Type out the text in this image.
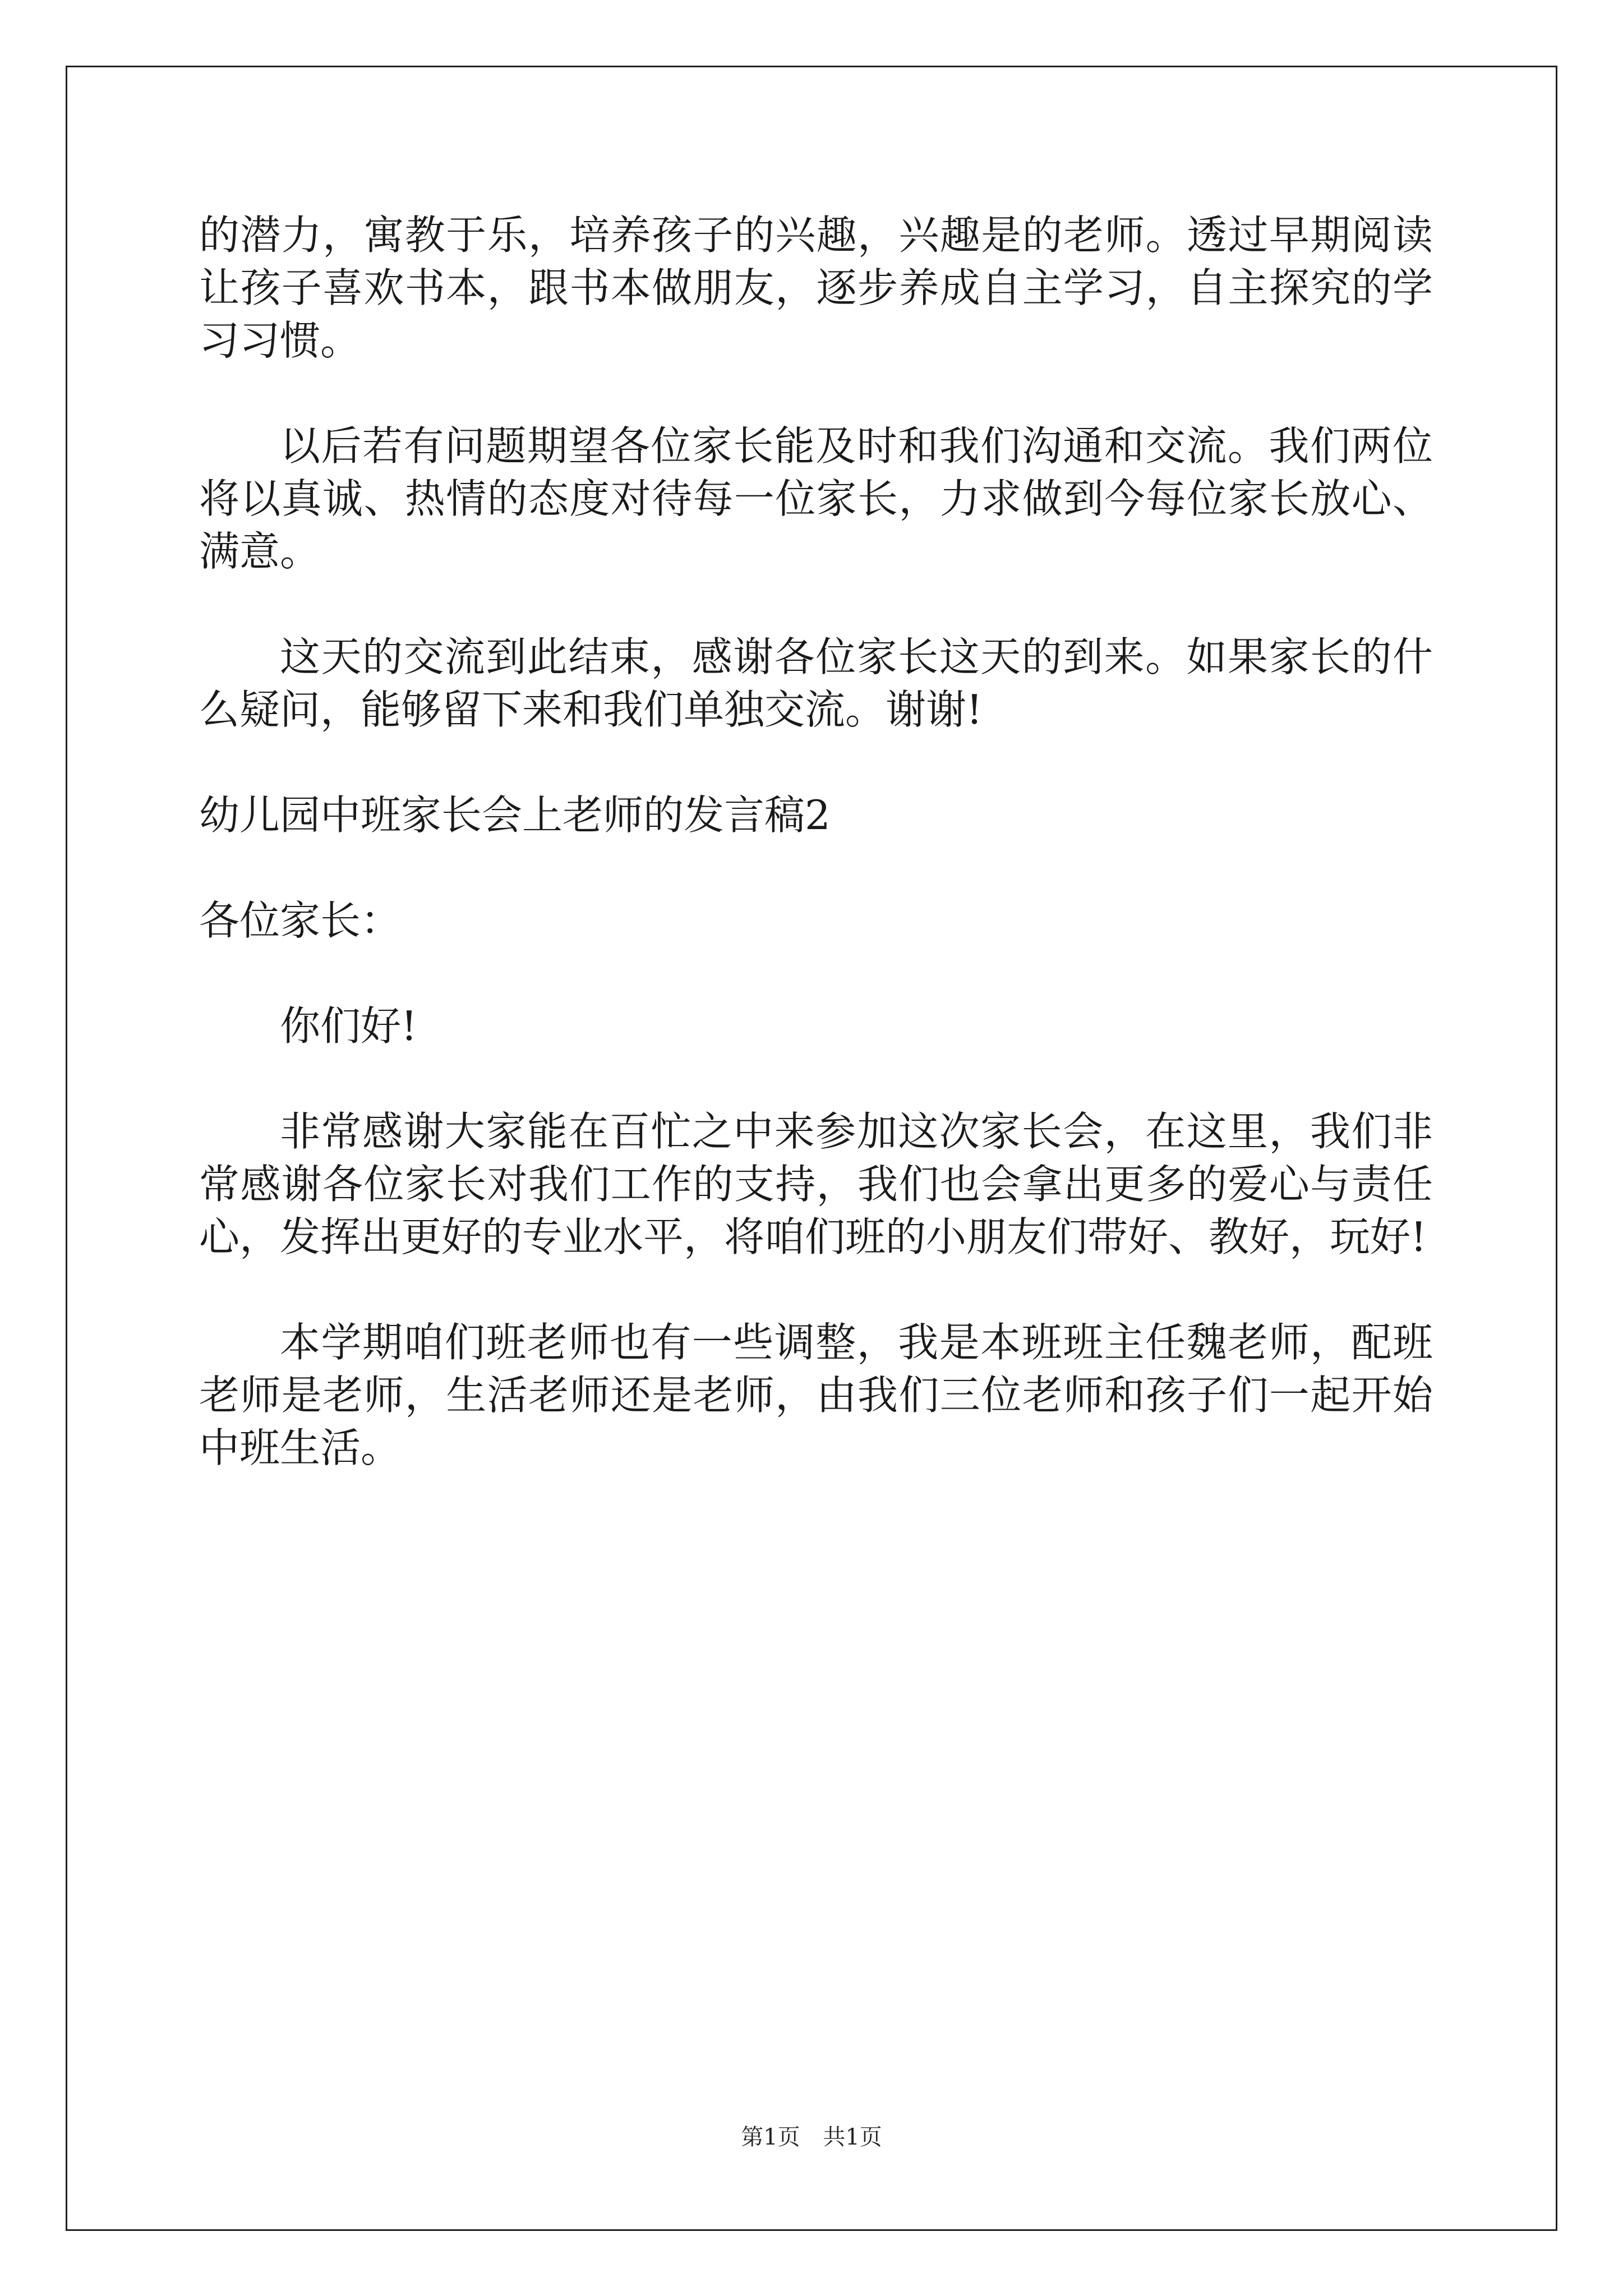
的潜力，寓教于乐，培养孩子的兴趣，兴趣是的老师。透过早期阅读让孩子喜欢书本，跟书本做朋友，逐步养成自主学习，自主探究的学习习惯。

以后若有问题期望各位家长能及时和我们沟通和交流。我们两位将以真诚、热情的态度对待每一位家长，力求做到今每位家长放心、满意。

这天的交流到此结束，感谢各位家长这天的到来。如果家长的什么疑问，能够留下来和我们单独交流。谢谢!

幼儿园中班家长会上老师的发言稿2

各位家长：

你们好!

非常感谢大家能在百忙之中来参加这次家长会，在这里，我们非常感谢各位家长对我们工作的支持，我们也会拿出更多的爱心与责任心，发挥出更好的专业水平，将咱们班的小朋友们带好、教好，玩好!

本学期咱们班老师也有一些调整，我是本班班主任魏老师，配班老师是老师，生活老师还是老师，由我们三位老师和孩子们一起开始中班生活。

第1页 共1页
